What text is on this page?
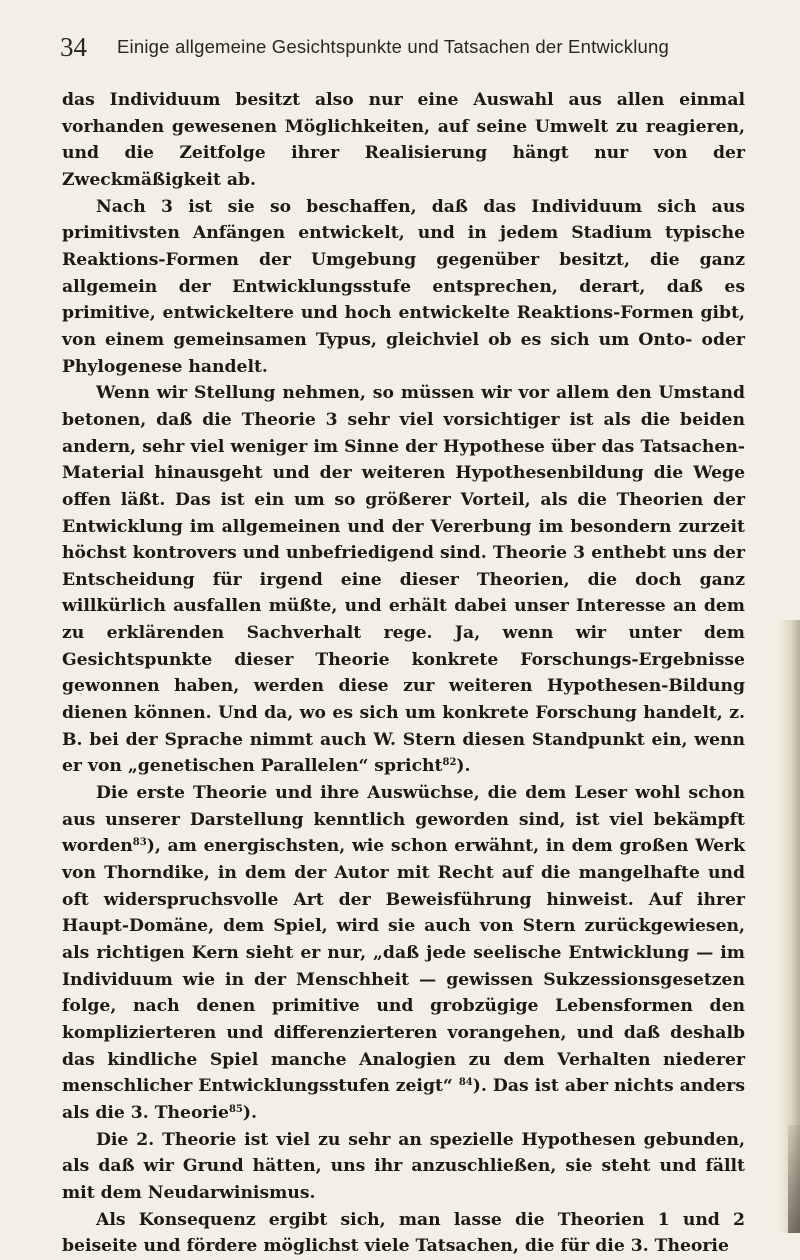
34 Einige allgemeine Gesichtspunkte und Tatsachen der Entwicklung

das Individuum besitzt also nur eine Auswahl aus allen einmal vorhanden gewesenen Möglichkeiten, auf seine Umwelt zu reagieren, und die Zeitfolge ihrer Realisierung hängt nur von der Zweckmäßigkeit ab.

Nach 3 ist sie so beschaffen, daß das Individuum sich aus primitivsten Anfängen entwickelt, und in jedem Stadium typische Reaktions-Formen der Umgebung gegenüber besitzt, die ganz allgemein der Entwicklungsstufe entsprechen, derart, daß es primitive, entwickeltere und hoch entwickelte Reaktions-Formen gibt, von einem gemeinsamen Typus, gleichviel ob es sich um Onto- oder Phylogenese handelt.

Wenn wir Stellung nehmen, so müssen wir vor allem den Umstand betonen, daß die Theorie 3 sehr viel vorsichtiger ist als die beiden andern, sehr viel weniger im Sinne der Hypothese über das Tatsachen-Material hinausgeht und der weiteren Hypothesenbildung die Wege offen läßt. Das ist ein um so größerer Vorteil, als die Theorien der Entwicklung im allgemeinen und der Vererbung im besondern zurzeit höchst kontrovers und unbefriedigend sind. Theorie 3 enthebt uns der Entscheidung für irgend eine dieser Theorien, die doch ganz willkürlich ausfallen müßte, und erhält dabei unser Interesse an dem zu erklärenden Sachverhalt rege. Ja, wenn wir unter dem Gesichtspunkte dieser Theorie konkrete Forschungs-Ergebnisse gewonnen haben, werden diese zur weiteren Hypothesen-Bildung dienen können. Und da, wo es sich um konkrete Forschung handelt, z. B. bei der Sprache nimmt auch W. Stern diesen Standpunkt ein, wenn er von „genetischen Parallelen“ spricht$^{82}$).

Die erste Theorie und ihre Auswüchse, die dem Leser wohl schon aus unserer Darstellung kenntlich geworden sind, ist viel bekämpft worden$^{83}$), am energischsten, wie schon erwähnt, in dem großen Werk von Thorndike, in dem der Autor mit Recht auf die mangelhafte und oft widerspruchsvolle Art der Beweisführung hinweist. Auf ihrer Haupt-Domäne, dem Spiel, wird sie auch von Stern zurückgewiesen, als richtigen Kern sieht er nur, „daß jede seelische Entwicklung — im Individuum wie in der Menschheit — gewissen Sukzessionsgesetzen folge, nach denen primitive und grobzügige Lebensformen den komplizierteren und differenzierteren vorangehen, und daß deshalb das kindliche Spiel manche Analogien zu dem Verhalten niederer menschlicher Entwicklungsstufen zeigt“ $^{84}$). Das ist aber nichts anders als die 3. Theorie$^{85}$).

Die 2. Theorie ist viel zu sehr an spezielle Hypothesen gebunden, als daß wir Grund hätten, uns ihr anzuschließen, sie steht und fällt mit dem Neudarwinismus.

Als Konsequenz ergibt sich, man lasse die Theorien 1 und 2 beiseite und fördere möglichst viele Tatsachen, die für die 3. Theorie
